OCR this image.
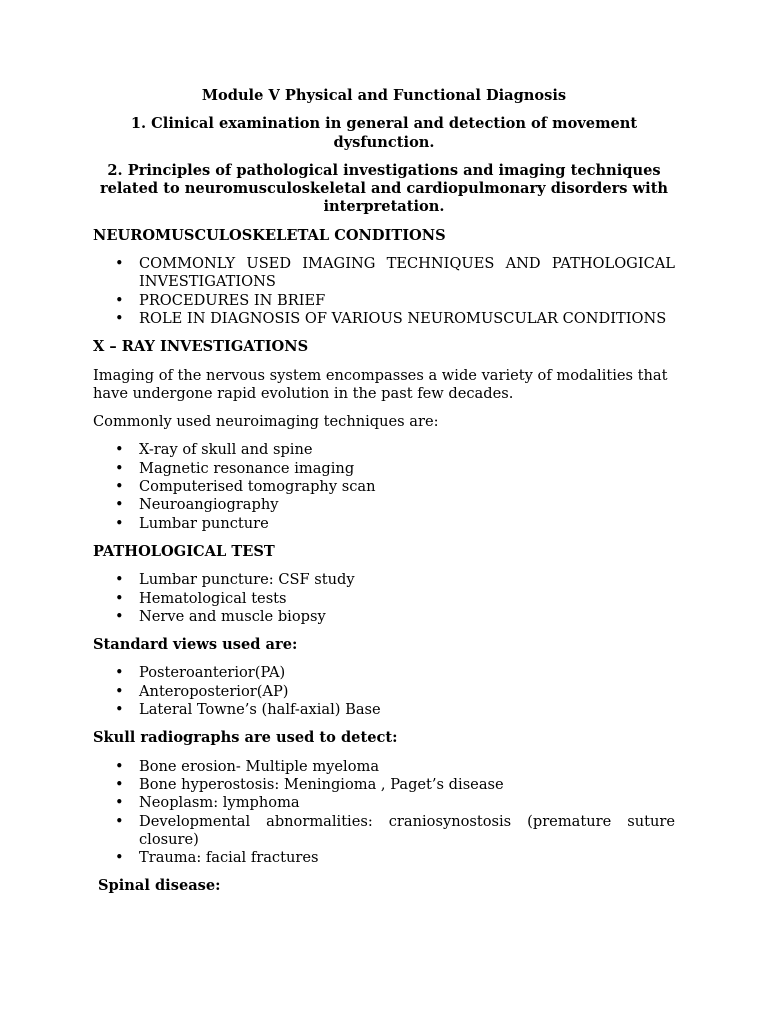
Module V Physical and Functional Diagnosis

1. Clinical examination in general and detection of movement dysfunction.

2. Principles of pathological investigations and imaging techniques related to neuromusculoskeletal and cardiopulmonary disorders with interpretation.

NEUROMUSCULOSKELETAL CONDITIONS

• COMMONLY USED IMAGING TECHNIQUES AND PATHOLOGICAL INVESTIGATIONS
• PROCEDURES IN BRIEF
• ROLE IN DIAGNOSIS OF VARIOUS NEUROMUSCULAR CONDITIONS

X – RAY INVESTIGATIONS

Imaging of the nervous system encompasses a wide variety of modalities that have undergone rapid evolution in the past few decades.

Commonly used neuroimaging techniques are:

• X-ray of skull and spine
• Magnetic resonance imaging
• Computerised tomography scan
• Neuroangiography
• Lumbar puncture

PATHOLOGICAL TEST

• Lumbar puncture: CSF study
• Hematological tests
• Nerve and muscle biopsy

Standard views used are:

• Posteroanterior(PA)
• Anteroposterior(AP)
• Lateral Towne’s (half-axial) Base

Skull radiographs are used to detect:

• Bone erosion- Multiple myeloma
• Bone hyperostosis: Meningioma , Paget’s disease
• Neoplasm: lymphoma
• Developmental abnormalities: craniosynostosis (premature suture closure)
• Trauma: facial fractures

Spinal disease:
